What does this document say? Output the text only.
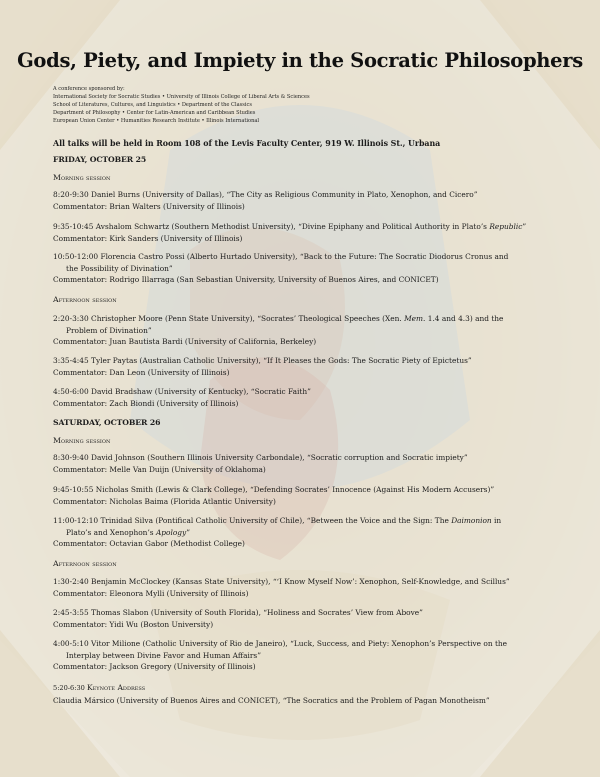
Gods, Piety, and Impiety in the Socratic Philosophers
A conference sponsored by:
International Society for Socratic Studies • University of Illinois College of Liberal Arts & Sciences
School of Literatures, Cultures, and Linguistics • Department of the Classics
Department of Philosophy • Center for Latin-American and Caribbean Studies
European Union Center • Humanities Research Institute • Illinois International
All talks will be held in Room 108 of the Levis Faculty Center, 919 W. Illinois St., Urbana
FRIDAY, OCTOBER 25
Morning session
8:20-9:30 Daniel Burns (University of Dallas), “The City as Religious Community in Plato, Xenophon, and Cicero”
Commentator: Brian Walters (University of Illinois)
9:35-10:45 Avshalom Schwartz (Southern Methodist University), “Divine Epiphany and Political Authority in Plato’s Republic”
Commentator: Kirk Sanders (University of Illinois)
10:50-12:00 Florencia Castro Possi (Alberto Hurtado University), “Back to the Future: The Socratic Diodorus Cronus and
the Possibility of Divination”
Commentator: Rodrigo Illarraga (San Sebastian University, University of Buenos Aires, and CONICET)
Afternoon session
2:20-3:30 Christopher Moore (Penn State University), “Socrates’ Theological Speeches (Xen. Mem. 1.4 and 4.3) and the
Problem of Divination”
Commentator: Juan Bautista Bardi (University of California, Berkeley)
3:35-4:45 Tyler Paytas (Australian Catholic University), “If It Pleases the Gods: The Socratic Piety of Epictetus”
Commentator: Dan Leon (University of Illinois)
4:50-6:00 David Bradshaw (University of Kentucky), “Socratic Faith”
Commentator: Zach Biondi (University of Illinois)
SATURDAY, OCTOBER 26
Morning session
8:30-9:40 David Johnson (Southern Illinois University Carbondale), “Socratic corruption and Socratic impiety”
Commentator: Melle Van Duijn (University of Oklahoma)
9:45-10:55 Nicholas Smith (Lewis & Clark College), “Defending Socrates’ Innocence (Against His Modern Accusers)”
Commentator: Nicholas Baima (Florida Atlantic University)
11:00-12:10 Trinidad Silva (Pontifical Catholic University of Chile), “Between the Voice and the Sign: The Daimonion in
Plato’s and Xenophon’s Apology”
Commentator: Octavian Gabor (Methodist College)
Afternoon session
1:30-2:40 Benjamin McClockey (Kansas State University), “‘I Know Myself Now’: Xenophon, Self-Knowledge, and Scillus”
Commentator: Eleonora Mylli (University of Illinois)
2:45-3:55 Thomas Slabon (University of South Florida), “Holiness and Socrates’ View from Above”
Commentator: Yidi Wu (Boston University)
4:00-5:10 Vitor Milione (Catholic University of Rio de Janeiro), “Luck, Success, and Piety: Xenophon’s Perspective on the
Interplay between Divine Favor and Human Affairs”
Commentator: Jackson Gregory (University of Illinois)
5:20-6:30 Keynote Address
Claudia Mársico (University of Buenos Aires and CONICET), “The Socratics and the Problem of Pagan Monotheism”
